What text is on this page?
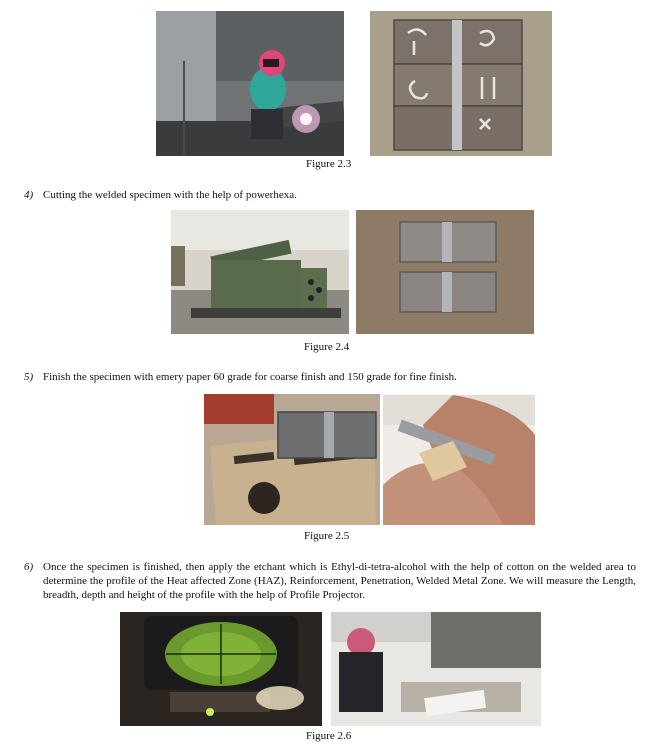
Figure 2.3
4) Cutting the welded specimen with the help of powerhexa.
Figure 2.4
5) Finish the specimen with emery paper 60 grade for coarse finish and 150 grade for fine finish.
Figure 2.5
6) Once the specimen is finished, then apply the etchant which is Ethyl-di-tetra-alcohol with the help of cotton on the welded area to determine the profile of the Heat affected Zone (HAZ), Reinforcement, Penetration, Welded Metal Zone. We will measure the Length, breadth, depth and height of the profile with the help of Profile Projector.
Figure 2.6
